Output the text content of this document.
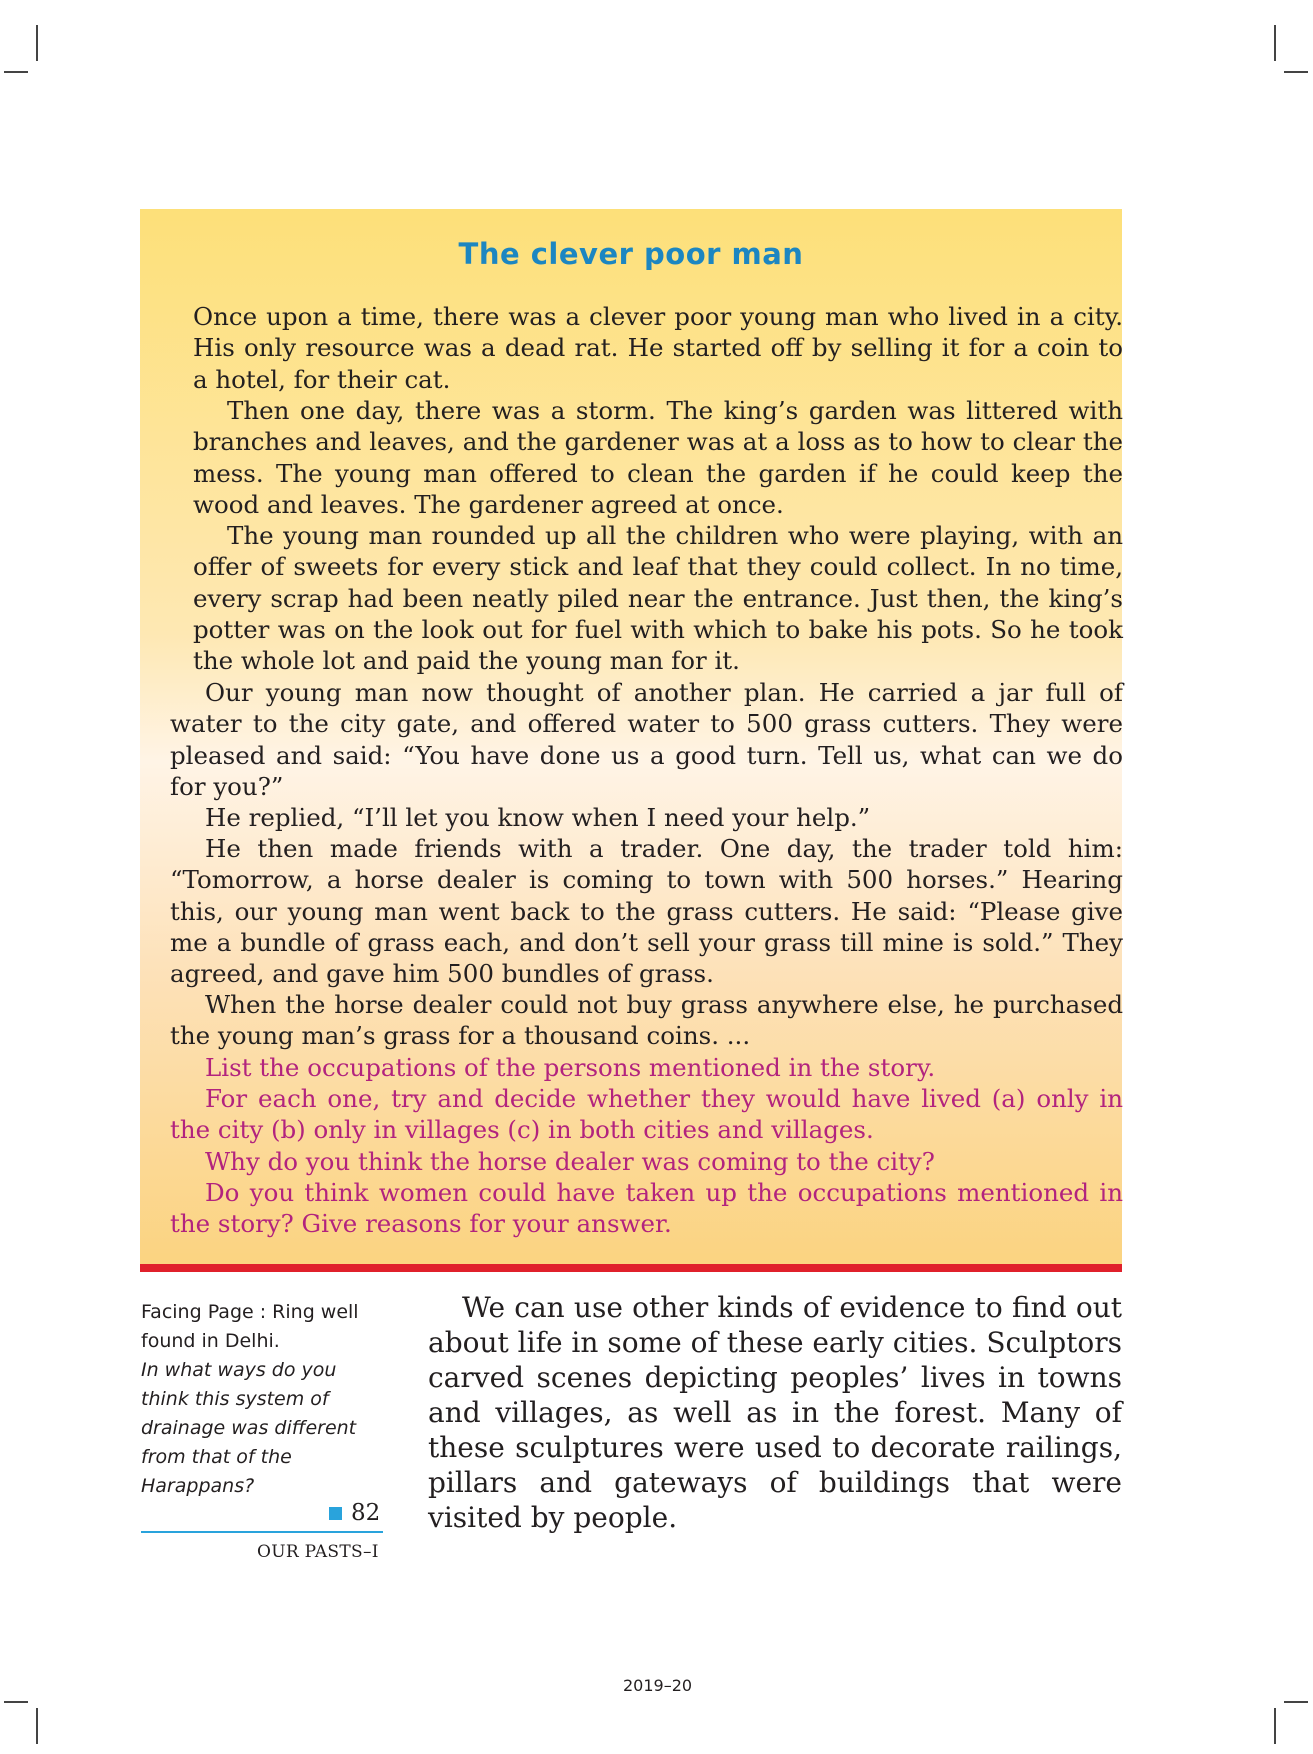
The clever poor man

Once upon a time, there was a clever poor young man who lived in a city. His only resource was a dead rat. He started off by selling it for a coin to a hotel, for their cat.

Then one day, there was a storm. The king’s garden was littered with branches and leaves, and the gardener was at a loss as to how to clear the mess. The young man offered to clean the garden if he could keep the wood and leaves. The gardener agreed at once.

The young man rounded up all the children who were playing, with an offer of sweets for every stick and leaf that they could collect. In no time, every scrap had been neatly piled near the entrance. Just then, the king’s potter was on the look out for fuel with which to bake his pots. So he took the whole lot and paid the young man for it.

Our young man now thought of another plan. He carried a jar full of water to the city gate, and offered water to 500 grass cutters. They were pleased and said: “You have done us a good turn. Tell us, what can we do for you?”

He replied, “I’ll let you know when I need your help.”

He then made friends with a trader. One day, the trader told him: “Tomorrow, a horse dealer is coming to town with 500 horses.” Hearing this, our young man went back to the grass cutters. He said: “Please give me a bundle of grass each, and don’t sell your grass till mine is sold.” They agreed, and gave him 500 bundles of grass.

When the horse dealer could not buy grass anywhere else, he purchased the young man’s grass for a thousand coins. ...

List the occupations of the persons mentioned in the story.

For each one, try and decide whether they would have lived (a) only in the city (b) only in villages (c) in both cities and villages.

Why do you think the horse dealer was coming to the city?

Do you think women could have taken up the occupations mentioned in the story? Give reasons for your answer.

Facing Page : Ring well found in Delhi.
In what ways do you think this system of drainage was different from that of the Harappans?
82
OUR PASTS–I

We can use other kinds of evidence to find out about life in some of these early cities. Sculptors carved scenes depicting peoples’ lives in towns and villages, as well as in the forest. Many of these sculptures were used to decorate railings, pillars and gateways of buildings that were visited by people.

2019–20
